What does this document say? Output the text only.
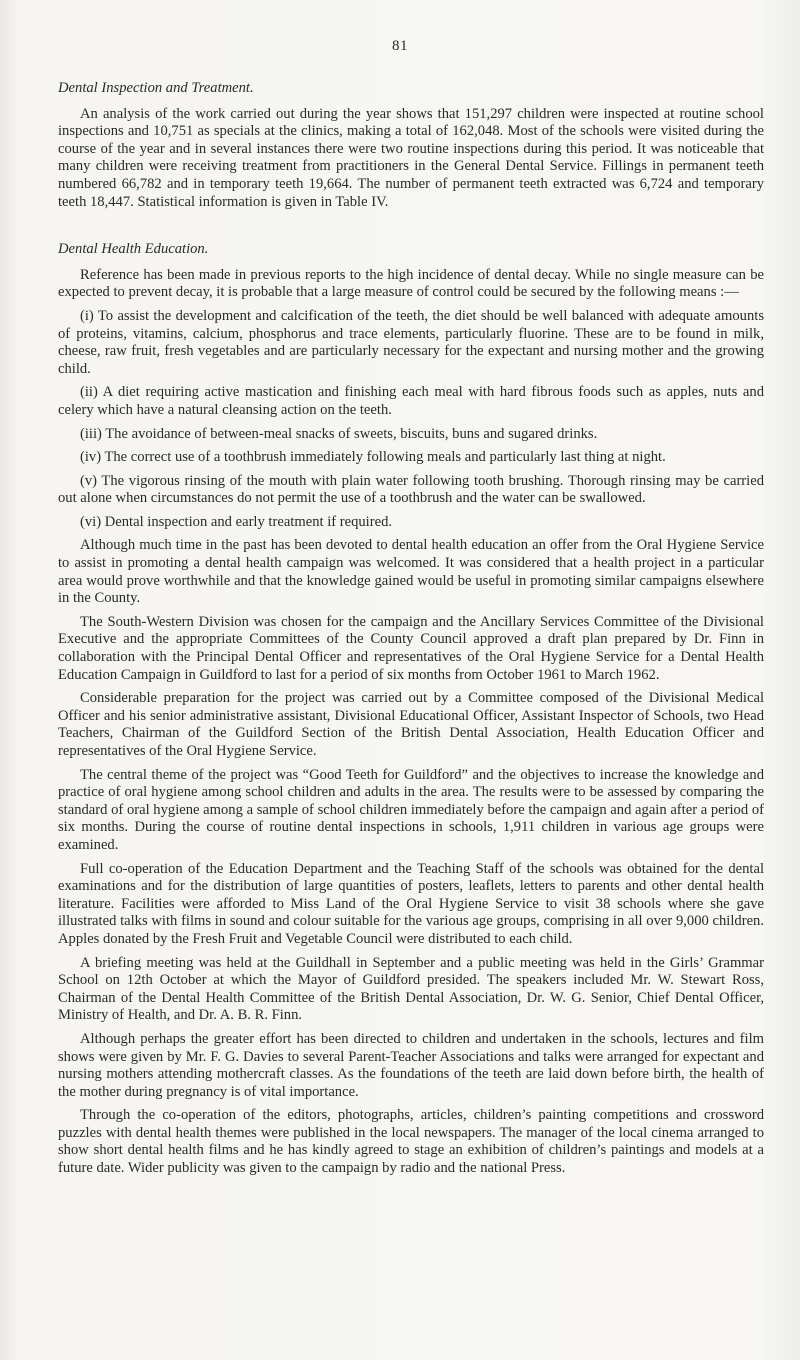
81

Dental Inspection and Treatment.

An analysis of the work carried out during the year shows that 151,297 children were inspected at routine school inspections and 10,751 as specials at the clinics, making a total of 162,048. Most of the schools were visited during the course of the year and in several instances there were two routine inspections during this period. It was noticeable that many children were receiving treatment from practitioners in the General Dental Service. Fillings in permanent teeth numbered 66,782 and in temporary teeth 19,664. The number of permanent teeth extracted was 6,724 and temporary teeth 18,447. Statistical information is given in Table IV.

Dental Health Education.

Reference has been made in previous reports to the high incidence of dental decay. While no single measure can be expected to prevent decay, it is probable that a large measure of control could be secured by the following means :—

(i) To assist the development and calcification of the teeth, the diet should be well balanced with adequate amounts of proteins, vitamins, calcium, phosphorus and trace elements, particularly fluorine. These are to be found in milk, cheese, raw fruit, fresh vegetables and are particularly necessary for the expectant and nursing mother and the growing child.

(ii) A diet requiring active mastication and finishing each meal with hard fibrous foods such as apples, nuts and celery which have a natural cleansing action on the teeth.

(iii) The avoidance of between-meal snacks of sweets, biscuits, buns and sugared drinks.

(iv) The correct use of a toothbrush immediately following meals and particularly last thing at night.

(v) The vigorous rinsing of the mouth with plain water following tooth brushing. Thorough rinsing may be carried out alone when circumstances do not permit the use of a toothbrush and the water can be swallowed.

(vi) Dental inspection and early treatment if required.

Although much time in the past has been devoted to dental health education an offer from the Oral Hygiene Service to assist in promoting a dental health campaign was welcomed. It was considered that a health project in a particular area would prove worthwhile and that the knowledge gained would be useful in promoting similar campaigns elsewhere in the County.

The South-Western Division was chosen for the campaign and the Ancillary Services Committee of the Divisional Executive and the appropriate Committees of the County Council approved a draft plan prepared by Dr. Finn in collaboration with the Principal Dental Officer and representatives of the Oral Hygiene Service for a Dental Health Education Campaign in Guildford to last for a period of six months from October 1961 to March 1962.

Considerable preparation for the project was carried out by a Committee composed of the Divisional Medical Officer and his senior administrative assistant, Divisional Educational Officer, Assistant Inspector of Schools, two Head Teachers, Chairman of the Guildford Section of the British Dental Association, Health Education Officer and representatives of the Oral Hygiene Service.

The central theme of the project was “Good Teeth for Guildford” and the objectives to increase the knowledge and practice of oral hygiene among school children and adults in the area. The results were to be assessed by comparing the standard of oral hygiene among a sample of school children immediately before the campaign and again after a period of six months. During the course of routine dental inspections in schools, 1,911 children in various age groups were examined.

Full co-operation of the Education Department and the Teaching Staff of the schools was obtained for the dental examinations and for the distribution of large quantities of posters, leaflets, letters to parents and other dental health literature. Facilities were afforded to Miss Land of the Oral Hygiene Service to visit 38 schools where she gave illustrated talks with films in sound and colour suitable for the various age groups, comprising in all over 9,000 children. Apples donated by the Fresh Fruit and Vegetable Council were distributed to each child.

A briefing meeting was held at the Guildhall in September and a public meeting was held in the Girls’ Grammar School on 12th October at which the Mayor of Guildford presided. The speakers included Mr. W. Stewart Ross, Chairman of the Dental Health Committee of the British Dental Association, Dr. W. G. Senior, Chief Dental Officer, Ministry of Health, and Dr. A. B. R. Finn.

Although perhaps the greater effort has been directed to children and undertaken in the schools, lectures and film shows were given by Mr. F. G. Davies to several Parent-Teacher Associations and talks were arranged for expectant and nursing mothers attending mothercraft classes. As the foundations of the teeth are laid down before birth, the health of the mother during pregnancy is of vital importance.

Through the co-operation of the editors, photographs, articles, children’s painting competitions and crossword puzzles with dental health themes were published in the local newspapers. The manager of the local cinema arranged to show short dental health films and he has kindly agreed to stage an exhibition of children’s paintings and models at a future date. Wider publicity was given to the campaign by radio and the national Press.
